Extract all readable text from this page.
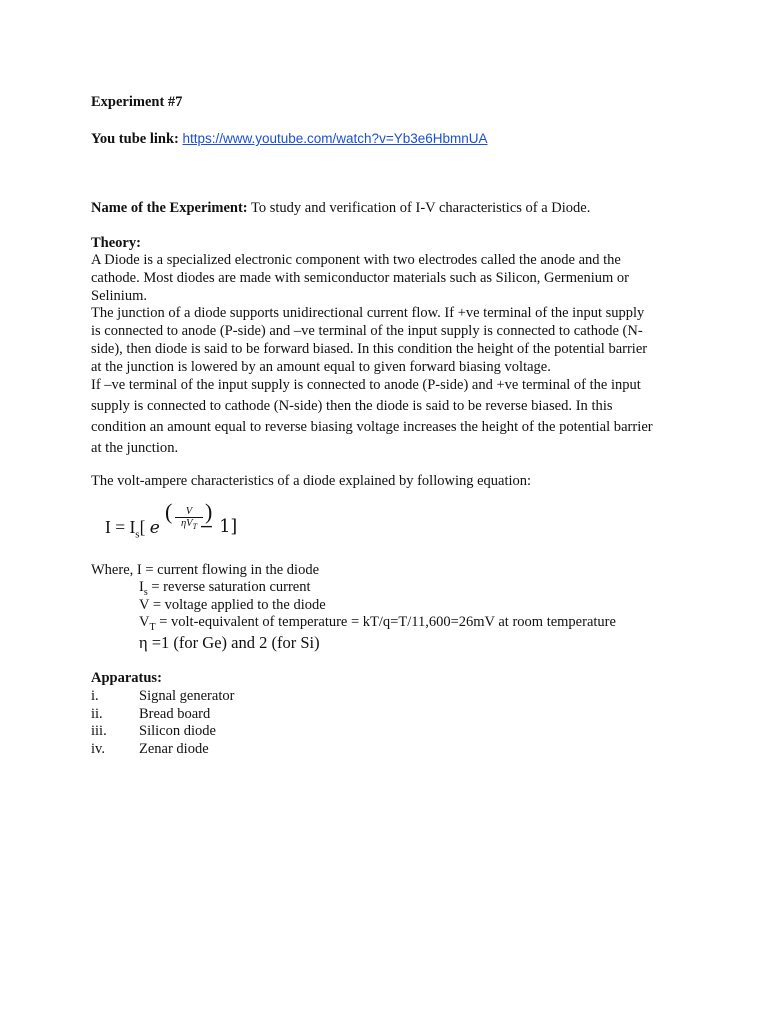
Experiment #7
You tube link: https://www.youtube.com/watch?v=Yb3e6HbmnUA
Name of the Experiment: To study and verification of I-V characteristics of a Diode.
Theory:
A Diode is a specialized electronic component with two electrodes called the anode and the
cathode. Most diodes are made with semiconductor materials such as Silicon, Germenium or
Selinium.
The junction of a diode supports unidirectional current flow. If +ve terminal of the input supply
is connected to anode (P-side) and –ve terminal of the input supply is connected to cathode (N-
side), then diode is said to be forward biased. In this condition the height of the potential barrier
at the junction is lowered by an amount equal to given forward biasing voltage.
If –ve terminal of the input supply is connected to anode (P-side) and +ve terminal of the input
supply is connected to cathode (N-side) then the diode is said to be reverse biased. In this
condition an amount equal to reverse biasing voltage increases the height of the potential barrier
at the junction.
The volt-ampere characteristics of a diode explained by following equation:
$I = I_s$[ e
(	V
$\eta V_T$
)
− 1]
Where, I = current flowing in the diode
$I_s$ = reverse saturation current
V = voltage applied to the diode
$V_T$ = volt-equivalent of temperature = kT/q=T/11,600=26mV at room temperature
η =1 (for Ge) and 2 (for Si)
Apparatus:
i.	Signal generator
ii.	Bread board
iii. Silicon diode
iv. Zenar diode
